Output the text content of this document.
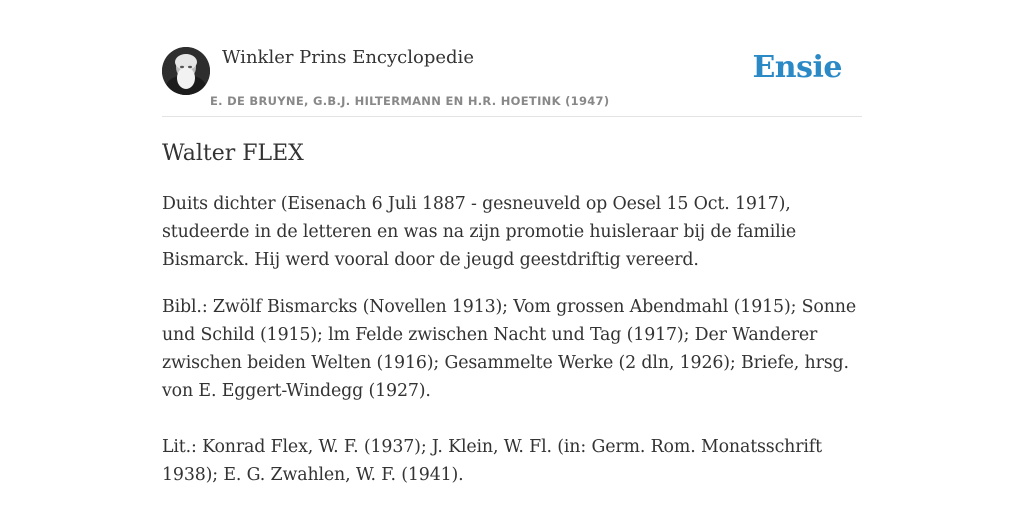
Winkler Prins Encyclopedie
E. DE BRUYNE, G.B.J. HILTERMANN EN H.R. HOETINK (1947)
Ensie
Walter FLEX

Duits dichter (Eisenach 6 Juli 1887 - gesneuveld op Oesel 15 Oct. 1917), studeerde in de letteren en was na zijn promotie huisleraar bij de familie Bismarck. Hij werd vooral door de jeugd geestdriftig vereerd.

Bibl.: Zwölf Bismarcks (Novellen 1913); Vom grossen Abendmahl (1915); Sonne und Schild (1915); lm Felde zwischen Nacht und Tag (1917); Der Wanderer zwischen beiden Welten (1916); Gesammelte Werke (2 dln, 1926); Briefe, hrsg. von E. Eggert-Windegg (1927).

Lit.: Konrad Flex, W. F. (1937); J. Klein, W. Fl. (in: Germ. Rom. Monatsschrift 1938); E. G. Zwahlen, W. F. (1941).
